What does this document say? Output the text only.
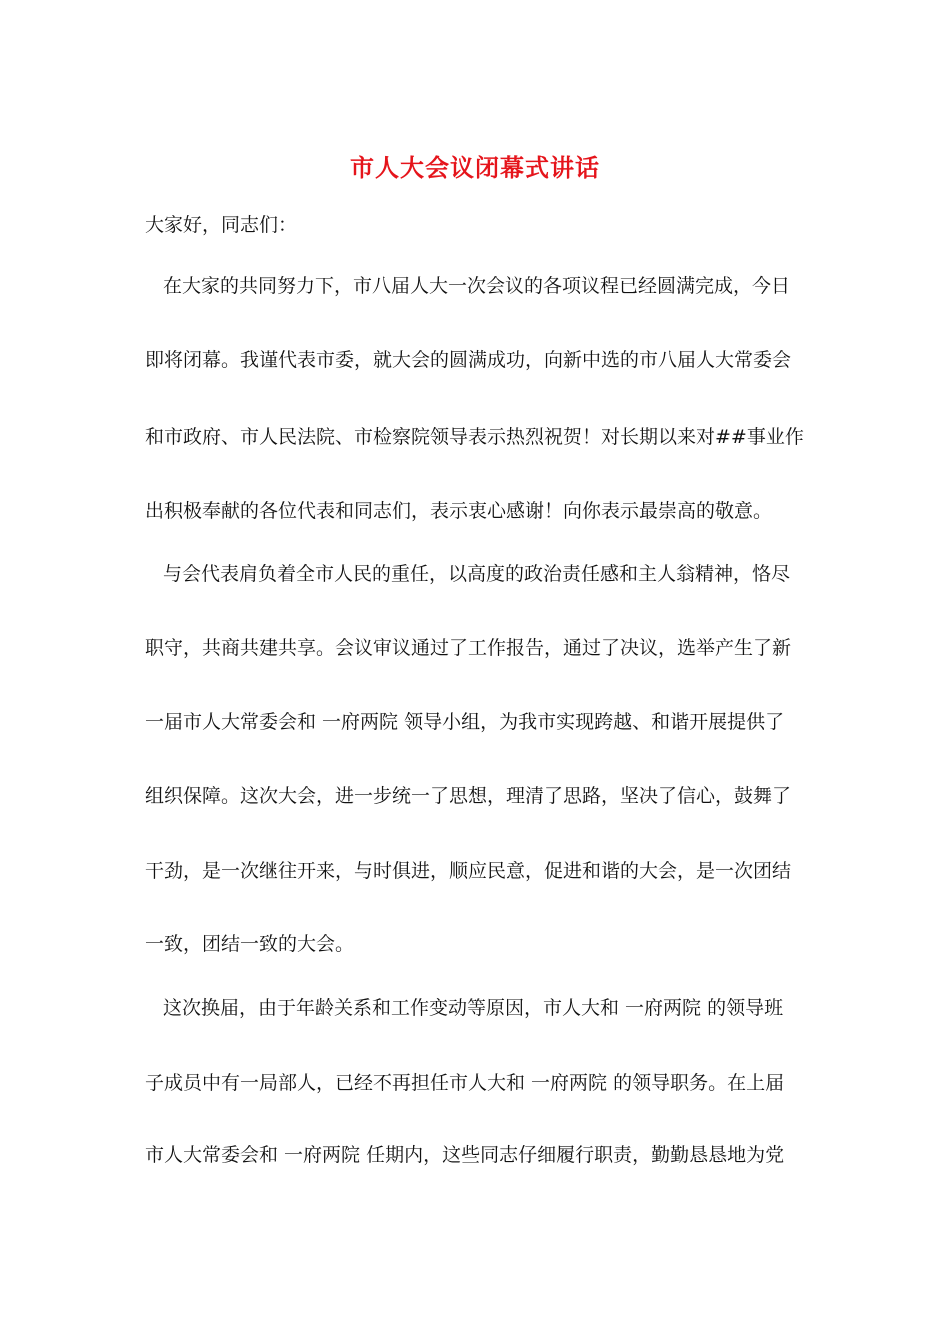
市人大会议闭幕式讲话
大家好，同志们：
在大家的共同努力下，市八届人大一次会议的各项议程已经圆满完成，今日
即将闭幕。我谨代表市委，就大会的圆满成功，向新中选的市八届人大常委会
和市政府、市人民法院、市检察院领导表示热烈祝贺！对长期以来对##事业作
出积极奉献的各位代表和同志们，表示衷心感谢！向你表示最崇高的敬意。
与会代表肩负着全市人民的重任，以高度的政治责任感和主人翁精神，恪尽
职守，共商共建共享。会议审议通过了工作报告，通过了决议，选举产生了新
一届市人大常委会和 一府两院 领导小组，为我市实现跨越、和谐开展提供了
组织保障。这次大会，进一步统一了思想，理清了思路，坚决了信心，鼓舞了
干劲，是一次继往开来，与时俱进，顺应民意，促进和谐的大会，是一次团结
一致，团结一致的大会。
这次换届，由于年龄关系和工作变动等原因，市人大和 一府两院 的领导班
子成员中有一局部人，已经不再担任市人大和 一府两院 的领导职务。在上届
市人大常委会和 一府两院 任期内，这些同志仔细履行职责，勤勤恳恳地为党
